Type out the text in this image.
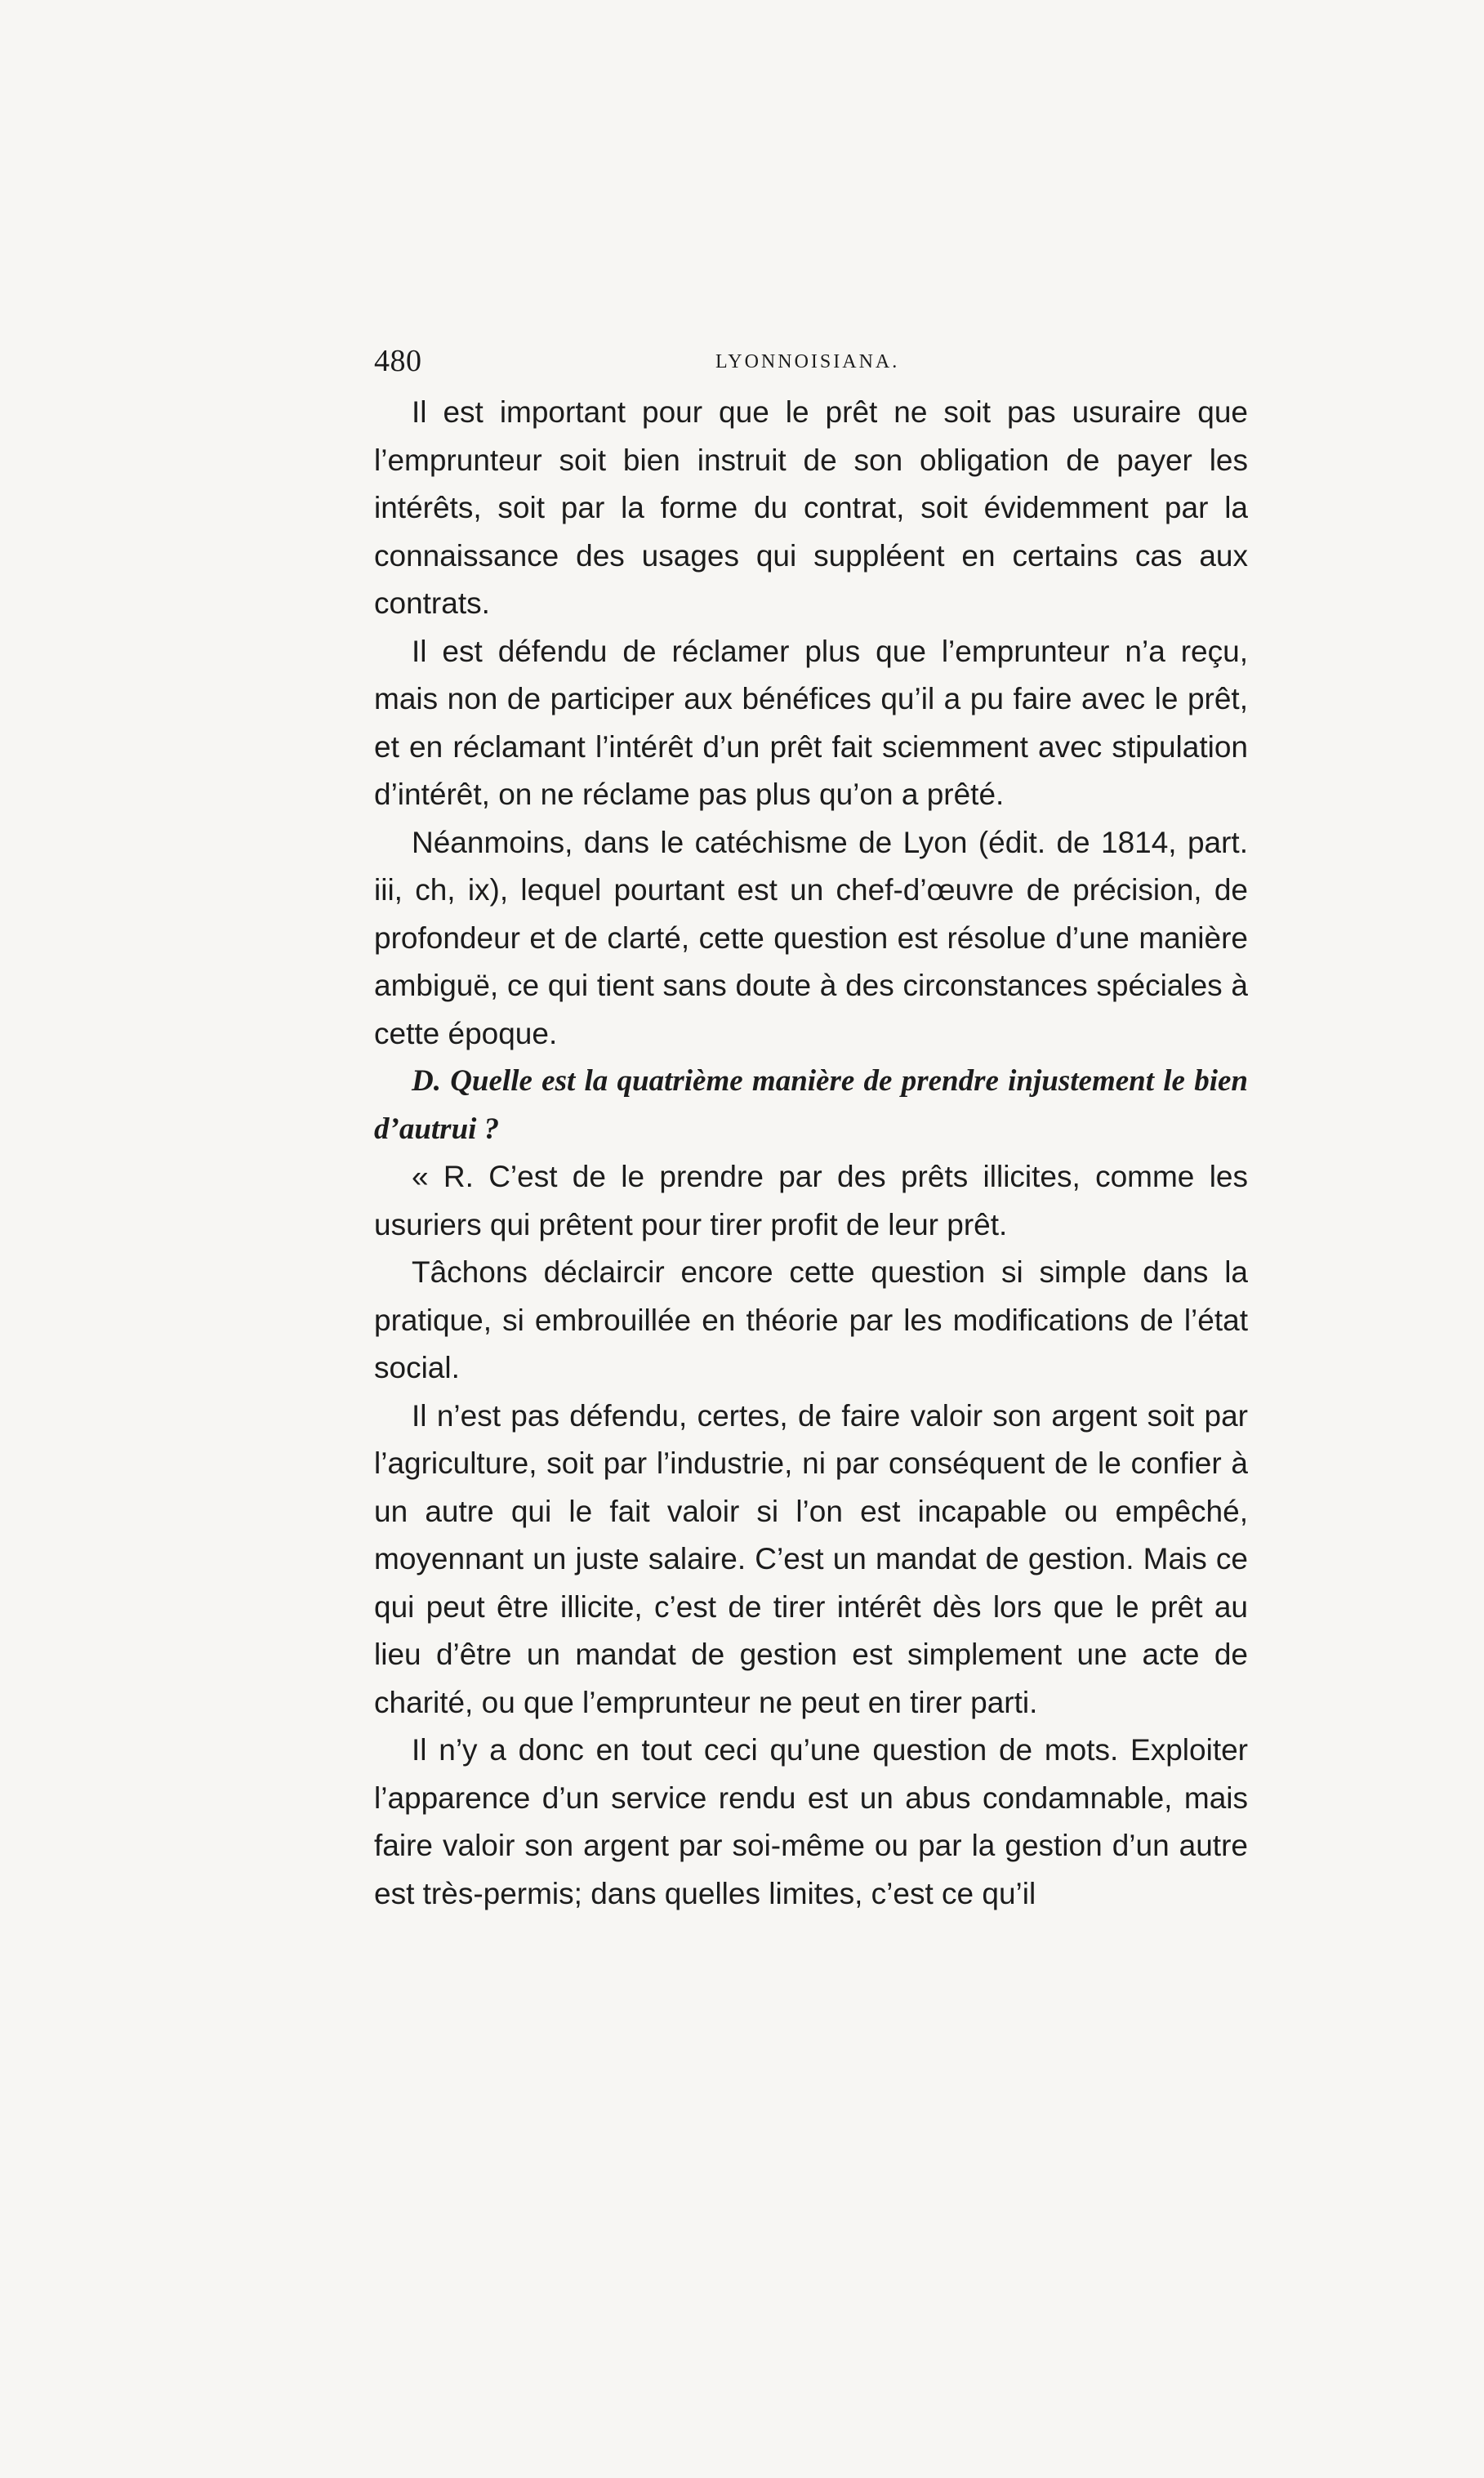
480	LYONNOISIANA.

Il est important pour que le prêt ne soit pas usuraire que l’emprunteur soit bien instruit de son obligation de payer les intérêts, soit par la forme du contrat, soit évidemment par la connaissance des usages qui suppléent en certains cas aux contrats.

Il est défendu de réclamer plus que l’emprunteur n’a reçu, mais non de participer aux bénéfices qu’il a pu faire avec le prêt, et en réclamant l’intérêt d’un prêt fait sciemment avec stipulation d’intérêt, on ne réclame pas plus qu’on a prêté.

Néanmoins, dans le catéchisme de Lyon (édit. de 1814, part. iii, ch, ix), lequel pourtant est un chef-d’œuvre de précision, de profondeur et de clarté, cette question est résolue d’une manière ambiguë, ce qui tient sans doute à des circonstances spéciales à cette époque.

D. Quelle est la quatrième manière de prendre injustement le bien d’autrui ?

« R. C’est de le prendre par des prêts illicites, comme les usuriers qui prêtent pour tirer profit de leur prêt.

Tâchons déclaircir encore cette question si simple dans la pratique, si embrouillée en théorie par les modifications de l’état social.

Il n’est pas défendu, certes, de faire valoir son argent soit par l’agriculture, soit par l’industrie, ni par conséquent de le confier à un autre qui le fait valoir si l’on est incapable ou empêché, moyennant un juste salaire. C’est un mandat de gestion. Mais ce qui peut être illicite, c’est de tirer intérêt dès lors que le prêt au lieu d’être un mandat de gestion est simplement une acte de charité, ou que l’emprunteur ne peut en tirer parti.

Il n’y a donc en tout ceci qu’une question de mots. Exploiter l’apparence d’un service rendu est un abus condamnable, mais faire valoir son argent par soi-même ou par la gestion d’un autre est très-permis; dans quelles limites, c’est ce qu’il
